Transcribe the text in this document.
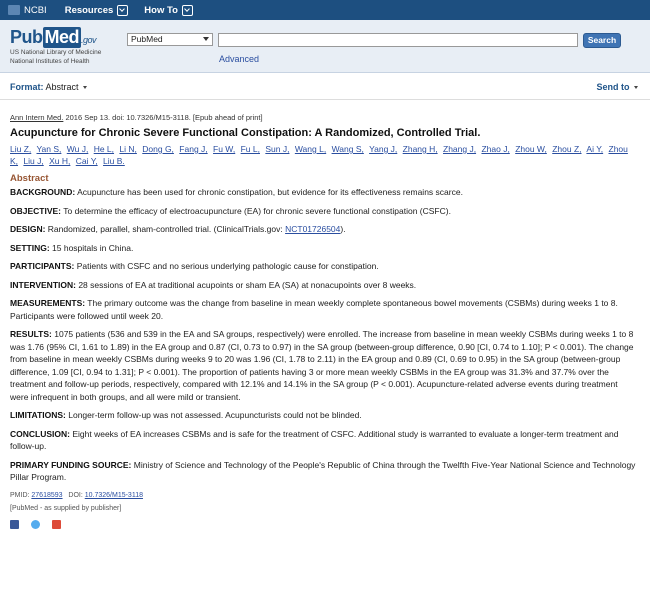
NCBI Resources	How To
Pub Med .gov
US National Library of Medicine
National Institutes of Health
PubMed	Search
Advanced
Format: Abstract	Send to
Ann Intern Med. 2016 Sep 13. doi: 10.7326/M15-3118. [Epub ahead of print]
Acupuncture for Chronic Severe Functional Constipation: A Randomized, Controlled Trial.
Liu Z, Yan S, Wu J, He L, Li N, Dong G, Fang J, Fu W, Fu L, Sun J, Wang L, Wang S, Yang J, Zhang H, Zhang J, Zhao J, Zhou W, Zhou Z, Ai Y, Zhou K, Liu J, Xu H, Cai Y, Liu B.
Abstract
BACKGROUND: Acupuncture has been used for chronic constipation, but evidence for its effectiveness remains scarce.
OBJECTIVE: To determine the efficacy of electroacupuncture (EA) for chronic severe functional constipation (CSFC).
DESIGN: Randomized, parallel, sham-controlled trial. (ClinicalTrials.gov: NCT01726504).
SETTING: 15 hospitals in China.
PARTICIPANTS: Patients with CSFC and no serious underlying pathologic cause for constipation.
INTERVENTION: 28 sessions of EA at traditional acupoints or sham EA (SA) at nonacupoints over 8 weeks.
MEASUREMENTS: The primary outcome was the change from baseline in mean weekly complete spontaneous bowel movements (CSBMs) during weeks 1 to 8. Participants were followed until week 20.
RESULTS: 1075 patients (536 and 539 in the EA and SA groups, respectively) were enrolled. The increase from baseline in mean weekly CSBMs during weeks 1 to 8 was 1.76 (95% CI, 1.61 to 1.89) in the EA group and 0.87 (CI, 0.73 to 0.97) in the SA group (between-group difference, 0.90 [CI, 0.74 to 1.10]; P < 0.001). The change from baseline in mean weekly CSBMs during weeks 9 to 20 was 1.96 (CI, 1.78 to 2.11) in the EA group and 0.89 (CI, 0.69 to 0.95) in the SA group (between-group difference, 1.09 [CI, 0.94 to 1.31]; P < 0.001). The proportion of patients having 3 or more mean weekly CSBMs in the EA group was 31.3% and 37.7% over the treatment and follow-up periods, respectively, compared with 12.1% and 14.1% in the SA group (P < 0.001). Acupuncture-related adverse events during treatment were infrequent in both groups, and all were mild or transient.
LIMITATIONS: Longer-term follow-up was not assessed. Acupuncturists could not be blinded.
CONCLUSION: Eight weeks of EA increases CSBMs and is safe for the treatment of CSFC. Additional study is warranted to evaluate a longer-term treatment and follow-up.
PRIMARY FUNDING SOURCE: Ministry of Science and Technology of the People's Republic of China through the Twelfth Five-Year National Science and Technology Pillar Program.
PMID: 27618593 DOI: 10.7326/M15-3118
[PubMed - as supplied by publisher]
